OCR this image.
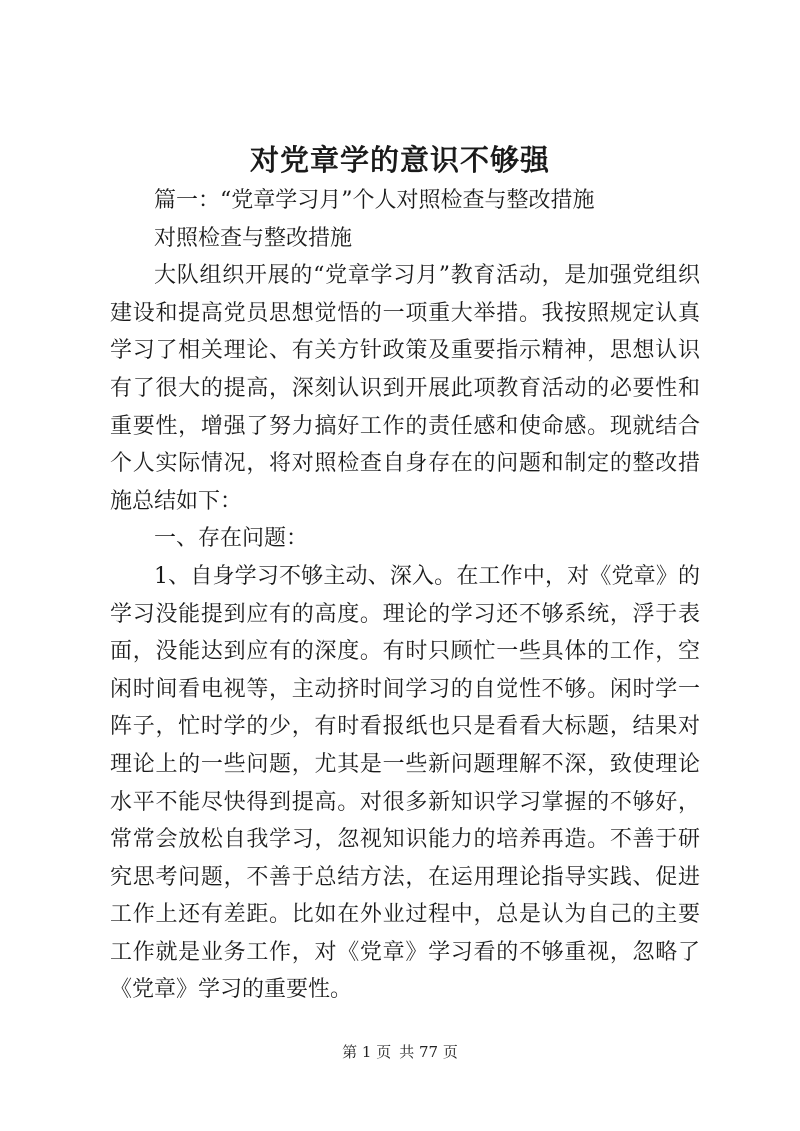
对党章学的意识不够强

篇一：“党章学习月”个人对照检查与整改措施

对照检查与整改措施

大队组织开展的“党章学习月”教育活动，是加强党组织建设和提高党员思想觉悟的一项重大举措。我按照规定认真学习了相关理论、有关方针政策及重要指示精神，思想认识有了很大的提高，深刻认识到开展此项教育活动的必要性和重要性，增强了努力搞好工作的责任感和使命感。现就结合个人实际情况，将对照检查自身存在的问题和制定的整改措施总结如下：

一、存在问题：

1、自身学习不够主动、深入。在工作中，对《党章》的学习没能提到应有的高度。理论的学习还不够系统，浮于表面，没能达到应有的深度。有时只顾忙一些具体的工作，空闲时间看电视等，主动挤时间学习的自觉性不够。闲时学一阵子，忙时学的少，有时看报纸也只是看看大标题，结果对理论上的一些问题，尤其是一些新问题理解不深，致使理论水平不能尽快得到提高。对很多新知识学习掌握的不够好，常常会放松自我学习，忽视知识能力的培养再造。不善于研究思考问题，不善于总结方法，在运用理论指导实践、促进工作上还有差距。比如在外业过程中，总是认为自己的主要工作就是业务工作，对《党章》学习看的不够重视，忽略了《党章》学习的重要性。

第 1 页 共 77 页
